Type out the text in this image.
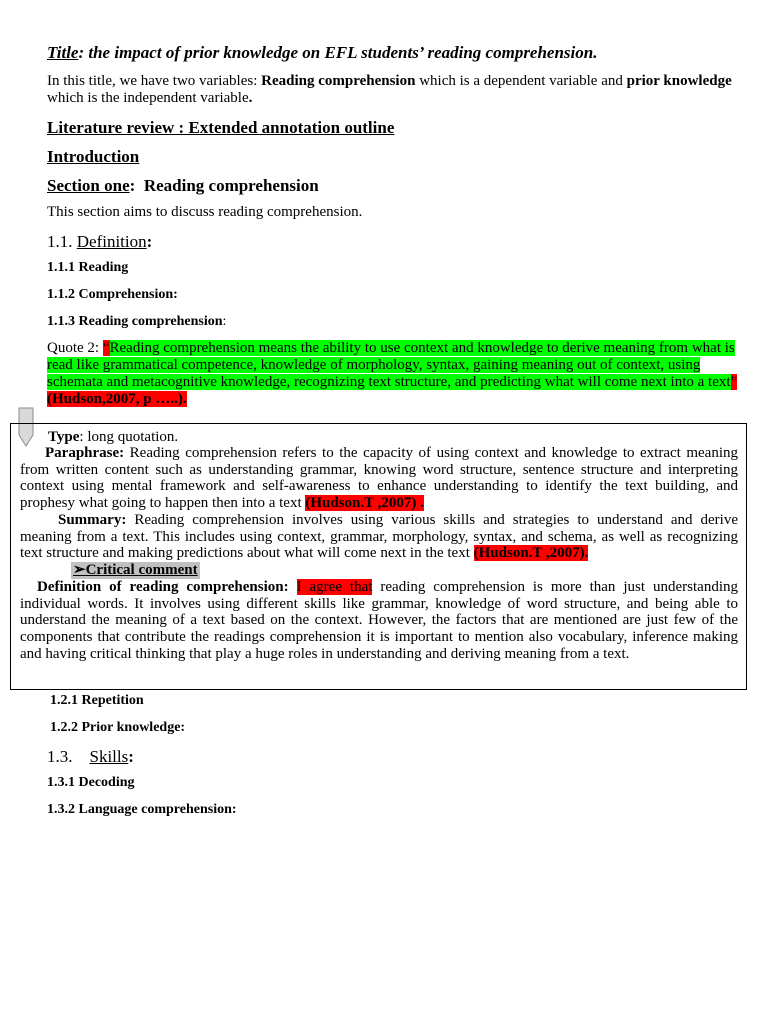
Title: the impact of prior knowledge on EFL students’ reading comprehension.

In this title, we have two variables: Reading comprehension which is a dependent variable and prior knowledge which is the independent variable.

Literature review : Extended annotation outline

Introduction

Section one: Reading comprehension

This section aims to discuss reading comprehension.

1.1. Definition:

1.1.1 Reading

1.1.2 Comprehension:

1.1.3 Reading comprehension:

Quote 2: “Reading comprehension means the ability to use context and knowledge to derive meaning from what is read like grammatical competence, knowledge of morphology, syntax, gaining meaning out of context, using schemata and metacognitive knowledge, recognizing text structure, and predicting what will come next into a text” (Hudson,2007, p …..).

Type: long quotation.
Paraphrase: Reading comprehension refers to the capacity of using context and knowledge to extract meaning from written content such as understanding grammar, knowing word structure, sentence structure and interpreting context using mental framework and self-awareness to enhance understanding to identify the text building, and prophesy what going to happen then into a text (Hudson.T ,2007) .
Summary: Reading comprehension involves using various skills and strategies to understand and derive meaning from a text. This includes using context, grammar, morphology, syntax, and schema, as well as recognizing text structure and making predictions about what will come next in the text (Hudson.T ,2007).
➢Critical comment
Definition of reading comprehension: I agree that reading comprehension is more than just understanding individual words. It involves using different skills like grammar, knowledge of word structure, and being able to understand the meaning of a text based on the context. However, the factors that are mentioned are just few of the components that contribute the readings comprehension it is important to mention also vocabulary, inference making and having critical thinking that play a huge roles in understanding and deriving meaning from a text.

1.2.1 Repetition

1.2.2 Prior knowledge:

1.3. Skills:

1.3.1 Decoding

1.3.2 Language comprehension:
